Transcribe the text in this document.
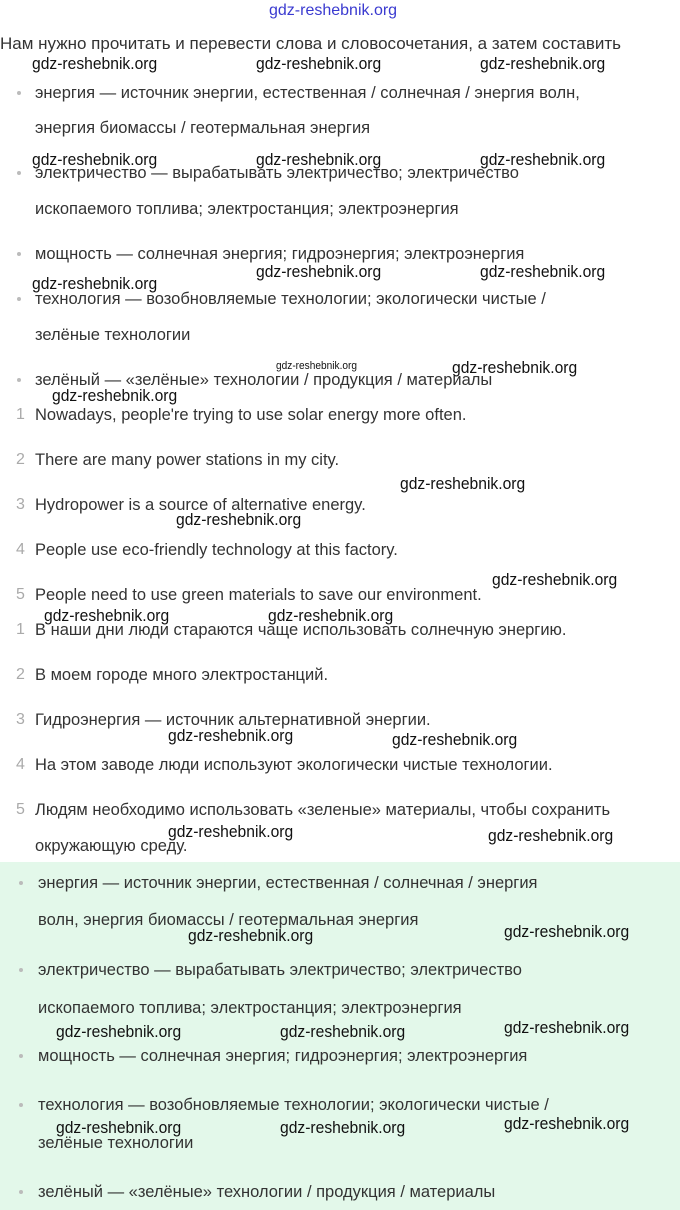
энергия — источник энергии, естественная / солнечная / энергия волн,
энергия биомассы / геотермальная энергия
электричество — вырабатывать электричество; электричество
ископаемого топлива; электростанция; электроэнергия
мощность — солнечная энергия; гидроэнергия; электроэнергия
технология — возобновляемые технологии; экологически чистые /
зелёные технологии
зелёный — «зелёные» технологии / продукция / материалы
1 Nowadays, people're trying to use solar energy more often.
2 There are many power stations in my city.
3 Hydropower is a source of alternative energy.
4 People use eco-friendly technology at this factory.
5 People need to use green materials to save our environment.
1 В наши дни люди стараются чаще использовать солнечную энергию.
2 В моем городе много электростанций.
3 Гидроэнергия — источник альтернативной энергии.
4 На этом заводе люди используют экологически чистые технологии.
5 Людям необходимо использовать «зеленые» материалы, чтобы сохранить
окружающую среду.
энергия — источник энергии, естественная / солнечная / энергия
волн, энергия биомассы / геотермальная энергия
электричество — вырабатывать электричество; электричество
ископаемого топлива; электростанция; электроэнергия
мощность — солнечная энергия; гидроэнергия; электроэнергия
технология — возобновляемые технологии; экологически чистые /
зелёные технологии
зелёный — «зелёные» технологии / продукция / материалы
gdz-reshebnik.org	gdz-reshebnik.org	gdz-reshebnik.org
gdz-reshebnik.org	gdz-reshebnik.org	gdz-reshebnik.org
gdz-reshebnik.org
gdz-reshebnik.org	gdz-reshebnik.org
gdz-reshebnik.org
gdz-reshebnik.org
gdz-reshebnik.org
gdz-reshebnik.org
gdz-reshebnik.org
gdz-reshebnik.org	gdz-reshebnik.org
gdz-reshebnik.org	gdz-reshebnik.org
gdz-reshebnik.org	gdz-reshebnik.org
gdz-reshebnik.org	gdz-reshebnik.org
gdz-reshebnik.org	gdz-reshebnik.org	gdz-reshebnik.org
gdz-reshebnik.org	gdz-reshebnik.org	gdz-reshebnik.org
gdz-reshebnik.org
gdz-reshebnik.org
Нам нужно прочитать и перевести слова и словосочетания, а затем составить
